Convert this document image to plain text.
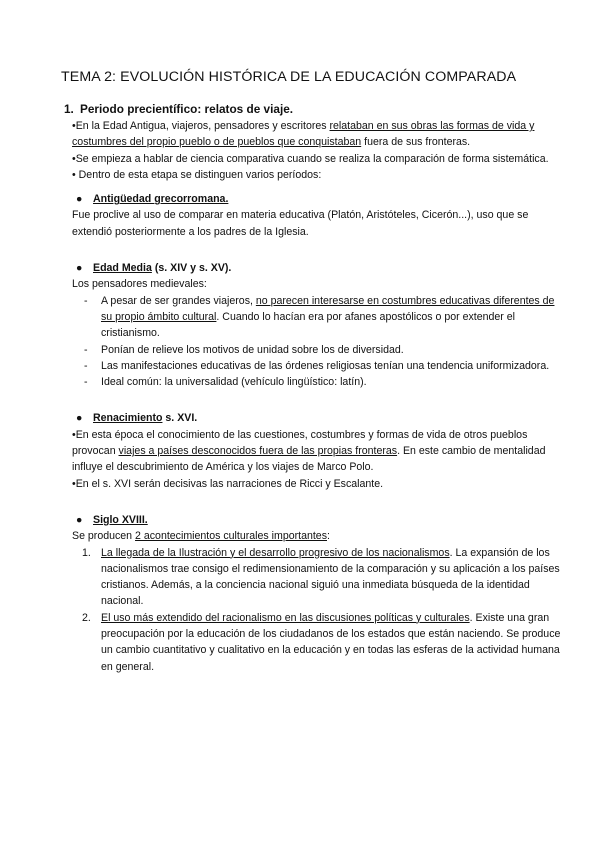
TEMA 2: EVOLUCIÓN HISTÓRICA DE LA EDUCACIÓN COMPARADA
1. Periodo precientífico: relatos de viaje.

•En la Edad Antigua, viajeros, pensadores y escritores relataban en sus obras las formas de vida y costumbres del propio pueblo o de pueblos que conquistaban fuera de sus fronteras.

•Se empieza a hablar de ciencia comparativa cuando se realiza la comparación de forma sistemática.

• Dentro de esta etapa se distinguen varios períodos:

● Antigüedad grecorromana.

Fue proclive al uso de comparar en materia educativa (Platón, Aristóteles, Cicerón...), uso que se extendió posteriormente a los padres de la Iglesia.

● Edad Media (s. XIV y s. XV).

Los pensadores medievales:

- A pesar de ser grandes viajeros, no parecen interesarse en costumbres educativas diferentes de su propio ámbito cultural. Cuando lo hacían era por afanes apostólicos o por extender el cristianismo.
- Ponían de relieve los motivos de unidad sobre los de diversidad.
- Las manifestaciones educativas de las órdenes religiosas tenían una tendencia uniformizadora.
- Ideal común: la universalidad (vehículo lingüístico: latín).

● Renacimiento s. XVI.

•En esta época el conocimiento de las cuestiones, costumbres y formas de vida de otros pueblos provocan viajes a países desconocidos fuera de las propias fronteras. En este cambio de mentalidad influye el descubrimiento de América y los viajes de Marco Polo.

•En el s. XVI serán decisivas las narraciones de Ricci y Escalante.

● Siglo XVIII.

Se producen 2 acontecimientos culturales importantes:

1. La llegada de la Ilustración y el desarrollo progresivo de los nacionalismos. La expansión de los nacionalismos trae consigo el redimensionamiento de la comparación y su aplicación a los países cristianos. Además, a la conciencia nacional siguió una inmediata búsqueda de la identidad nacional.
2. El uso más extendido del racionalismo en las discusiones políticas y culturales. Existe una gran preocupación por la educación de los ciudadanos de los estados que están naciendo. Se produce un cambio cuantitativo y cualitativo en la educación y en todas las esferas de la actividad humana en general.
